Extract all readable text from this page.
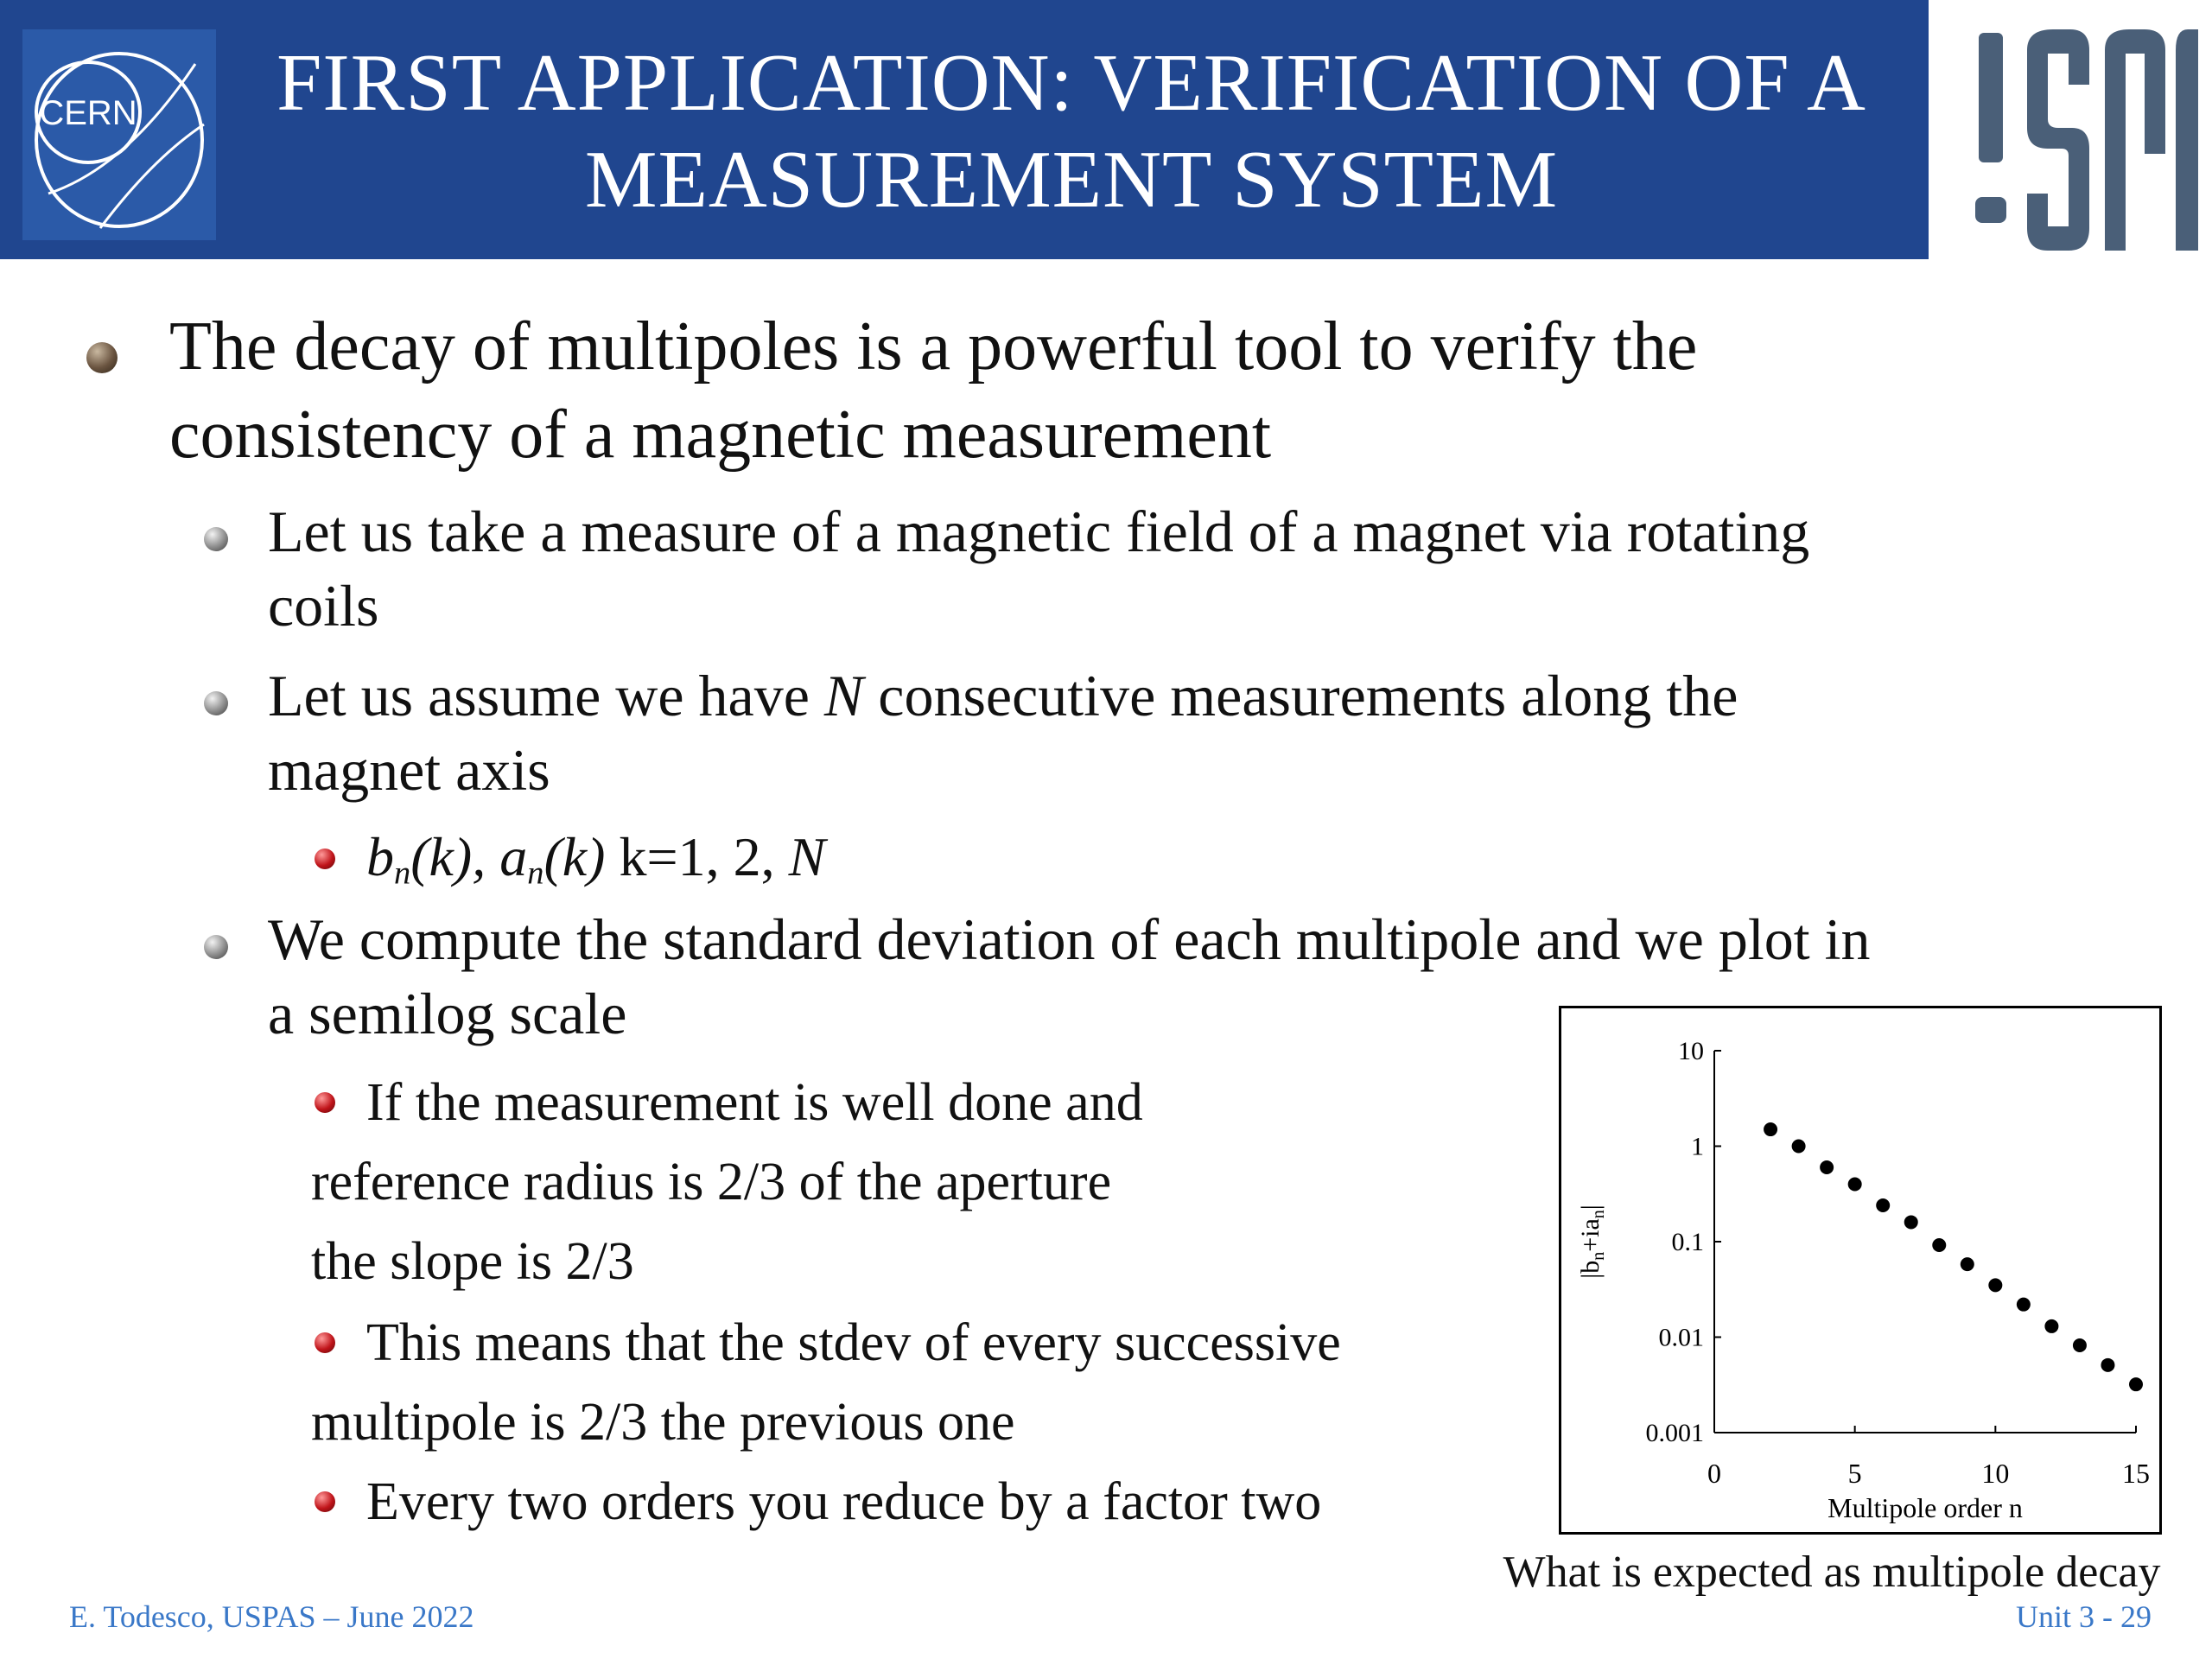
CERN	FIRST APPLICATION: VERIFICATION OF A
MEASUREMENT SYSTEM
The decay of multipoles is a powerful tool to verify the
consistency of a magnetic measurement
Let us take a measure of a magnetic field of a magnet via rotating
coils
Let us assume we have N consecutive measurements along the
magnet axis
$b_n(k)$, $a_n(k)$ k=1, 2, N
We compute the standard deviation of each multipole and we plot in
a semilog scale
If the measurement is well done and
reference radius is 2/3 of the aperture
the slope is 2/3
This means that the stdev of every successive
multipole is 2/3 the previous one
Every two orders you reduce by a factor two
10
1
0.1
0.01
0.001
0	5	10	15
Multipole order n
$|b_n+ia_n|$
What is expected as multipole decay
E. Todesco, USPAS – June 2022	Unit 3 - 29
